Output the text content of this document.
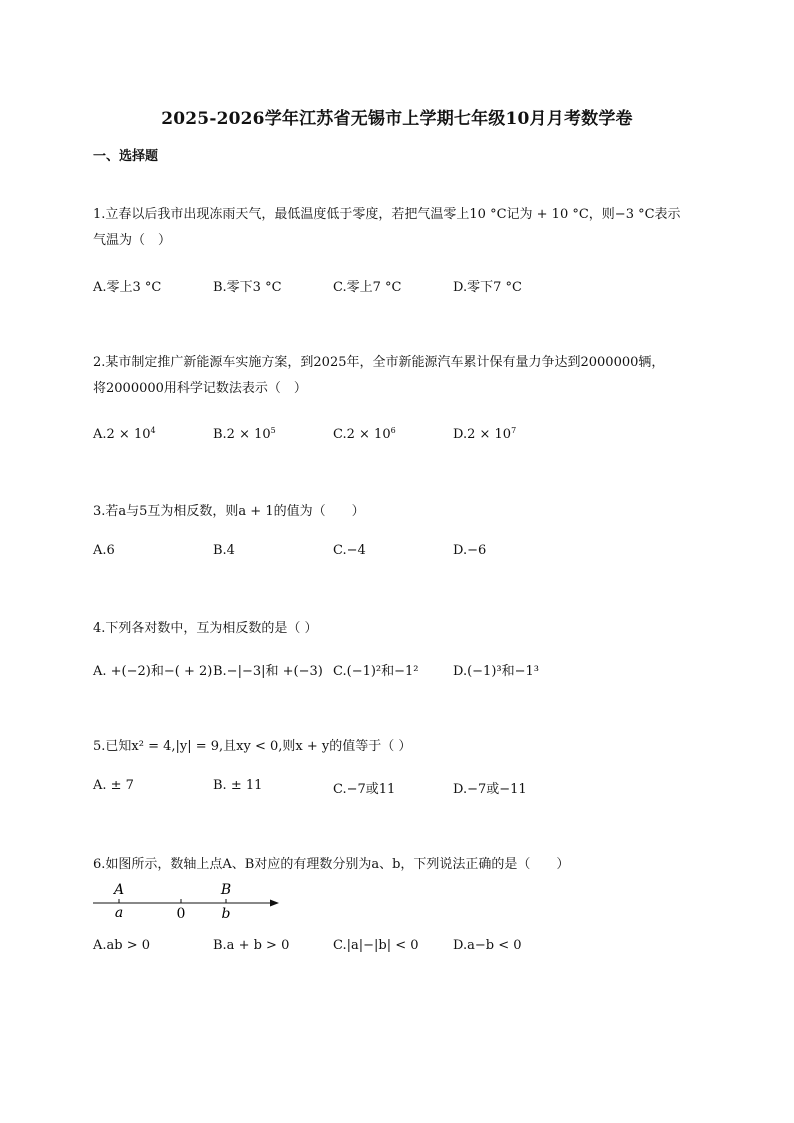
2025-2026学年江苏省无锡市上学期七年级10月月考数学卷
一、选择题
1.立春以后我市出现冻雨天气，最低温度低于零度，若把气温零上10 °C记为 + 10 °C，则−3 °C表示
气温为（　）
A.零上3 °C	B.零下3 °C	C.零上7 °C	D.零下7 °C
2.某市制定推广新能源车实施方案，到2025年，全市新能源汽车累计保有量力争达到2000000辆，
将2000000用科学记数法表示（　）
$A.2 \times 10^4$	$B.2 \times 10^5$	$C.2 \times 10^6$	$D.2 \times 10^7$
3.若a与5互为相反数，则a + 1的值为（　　）
A.6	B.4	C.−4	D.−6
4.下列各对数中，互为相反数的是（ ）
A. +(−2)和−( + 2) B.−|−3|和 +(−3) C.(−1)²和−1²	D.(−1)³和−1³
5.已知x² = 4,|y| = 9,且xy < 0,则x + y的值等于（ ）
A. ± 7	B. ± 11	C.−7或11	D.−7或−11
6.如图所示，数轴上点A、B对应的有理数分别为a、b，下列说法正确的是（　　）
A	B
a	0	b
A.ab > 0	B.a + b > 0	C.|a|−|b| < 0	D.a−b < 0
